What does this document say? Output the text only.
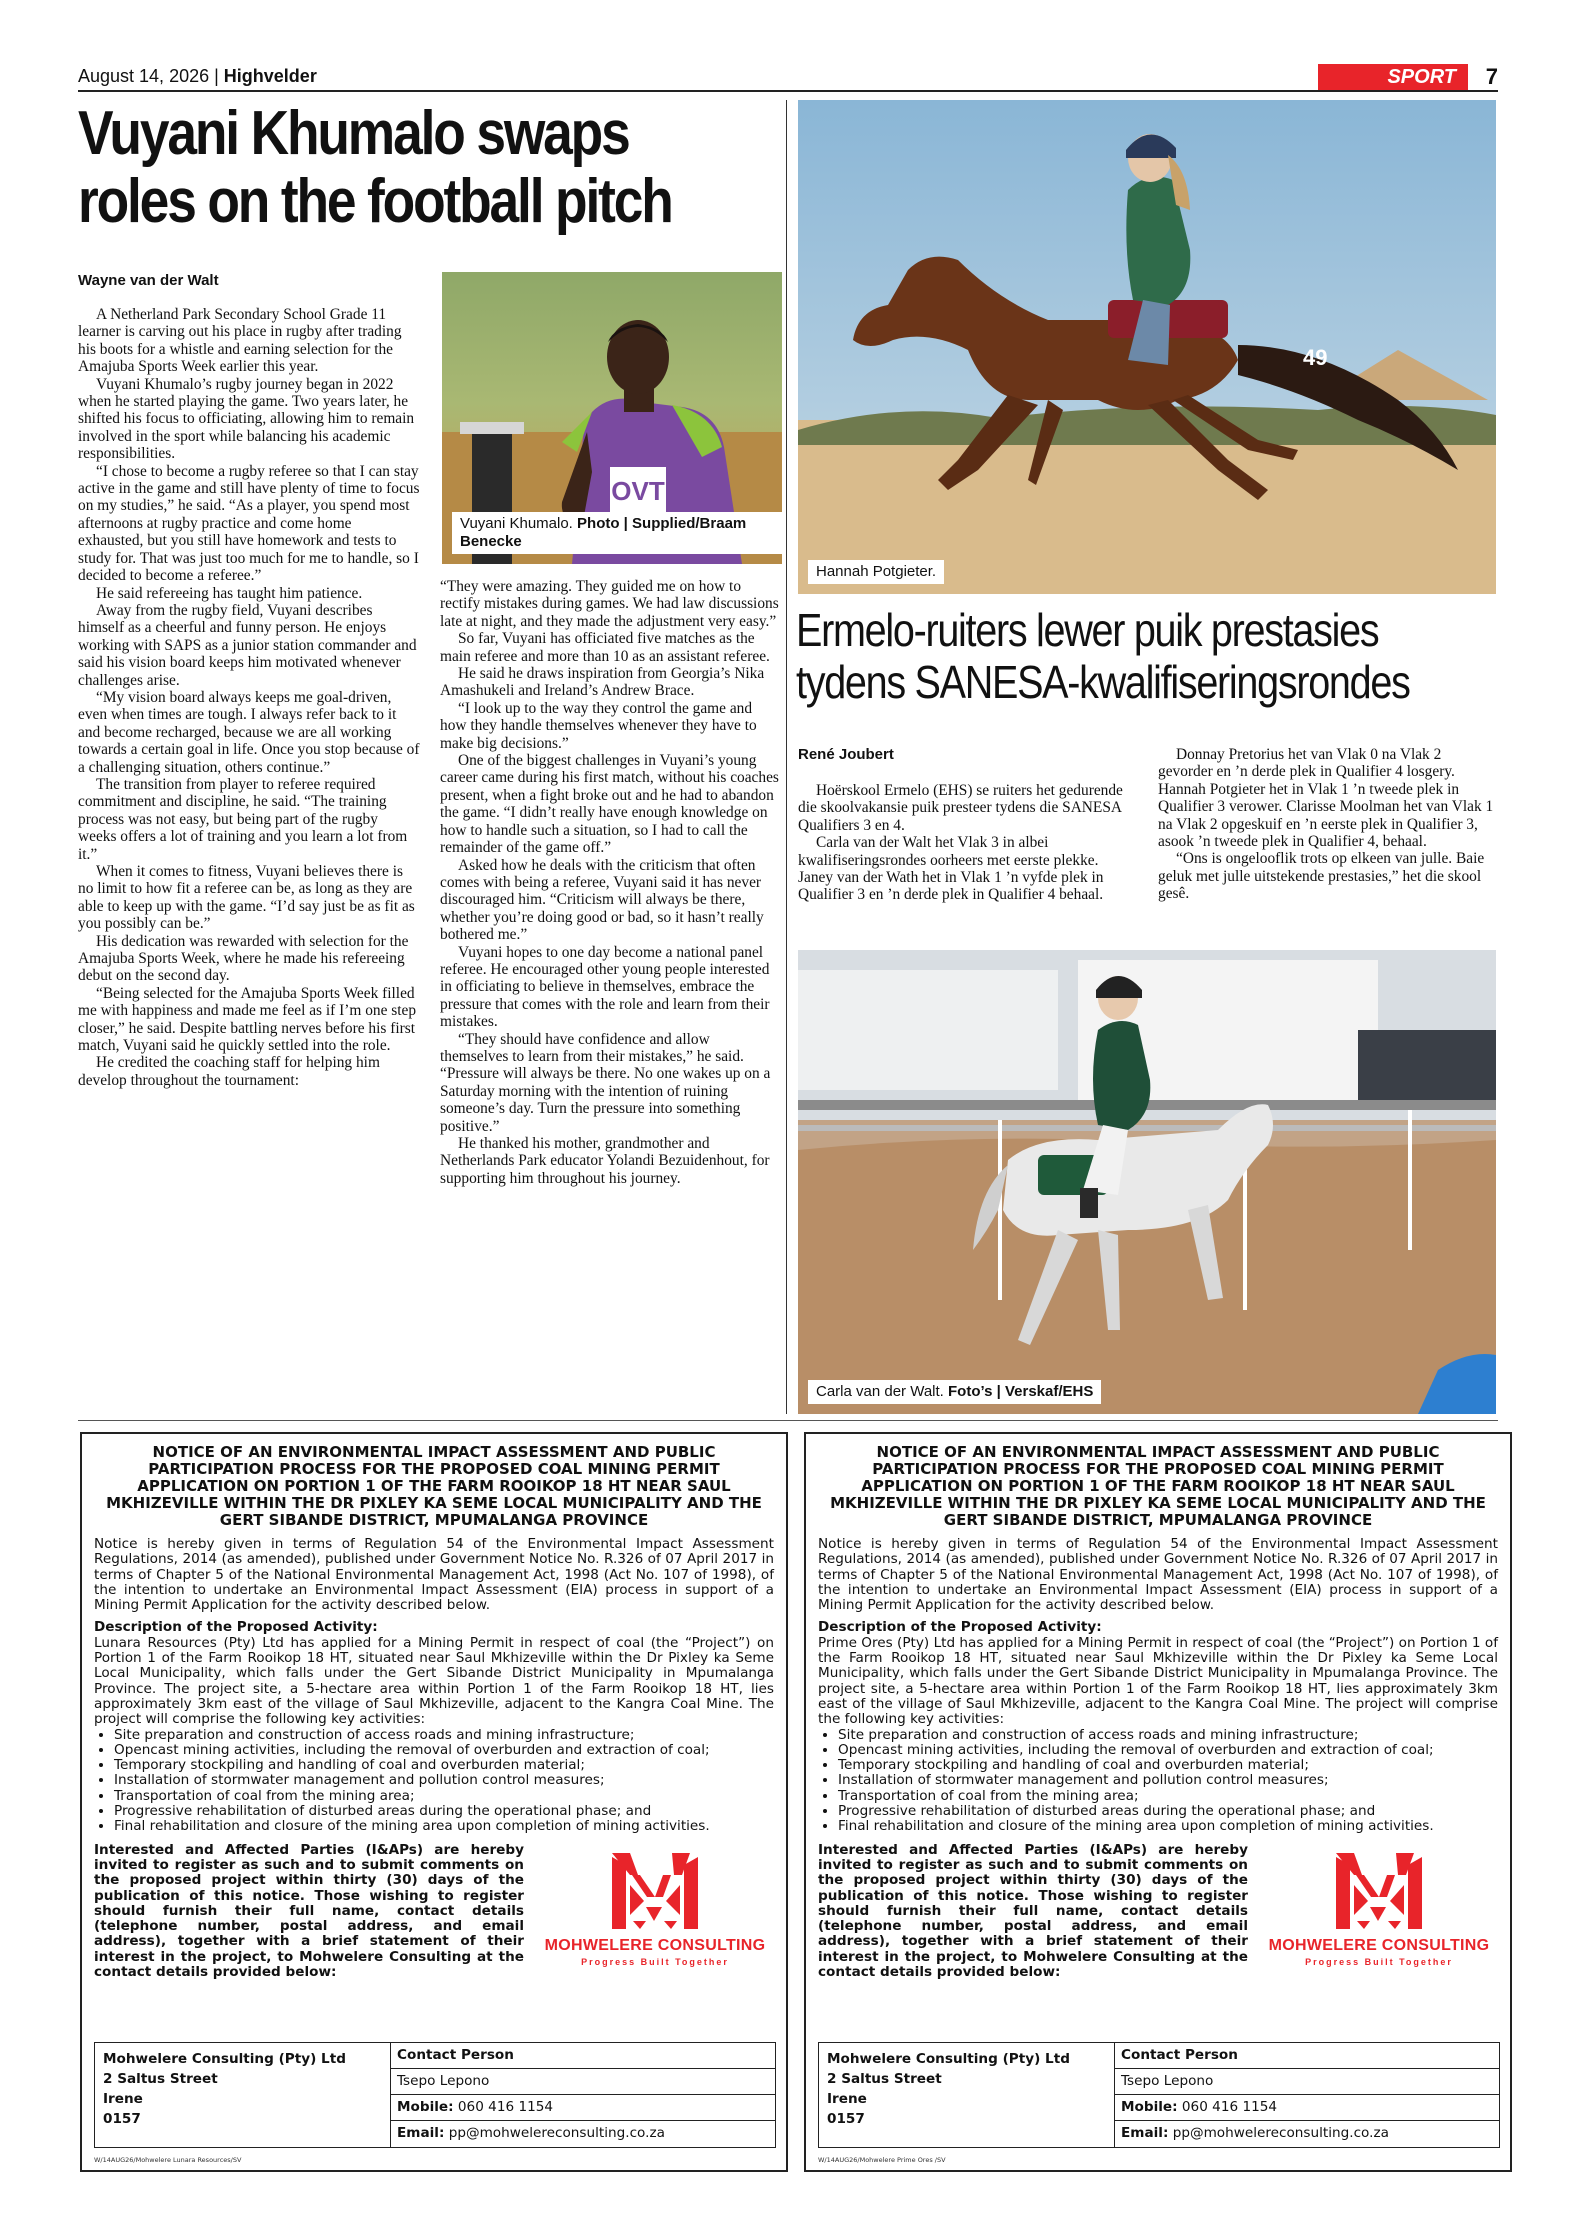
August 14, 2026 | Highvelder	SPORT	7
Vuyani Khumalo swaps
roles on the football pitch
Wayne van der Walt
OVT
Vuyani Khumalo. Photo | Supplied/Braam Benecke

A Netherland Park Secondary School Grade 11 learner is carving out his place in rugby after trading his boots for a whistle and earning selection for the Amajuba Sports Week earlier this year.

Vuyani Khumalo’s rugby journey began in 2022 when he started playing the game. Two years later, he shifted his focus to officiating, allowing him to remain involved in the sport while balancing his academic responsibilities.

“I chose to become a rugby referee so that I can stay active in the game and still have plenty of time to focus on my studies,” he said. “As a player, you spend most afternoons at rugby practice and come home exhausted, but you still have homework and tests to study for. That was just too much for me to handle, so I decided to become a referee.”

He said refereeing has taught him patience.

Away from the rugby field, Vuyani describes himself as a cheerful and funny person. He enjoys working with SAPS as a junior station commander and said his vision board keeps him motivated whenever challenges arise.

“My vision board always keeps me goal-driven, even when times are tough. I always refer back to it and become recharged, because we are all working towards a certain goal in life. Once you stop because of a challenging situation, others continue.”

The transition from player to referee required commitment and discipline, he said. “The training process was not easy, but being part of the rugby weeks offers a lot of training and you learn a lot from it.”

When it comes to fitness, Vuyani believes there is no limit to how fit a referee can be, as long as they are able to keep up with the game. “I’d say just be as fit as you possibly can be.”

His dedication was rewarded with selection for the Amajuba Sports Week, where he made his refereeing debut on the second day.

“Being selected for the Amajuba Sports Week filled me with happiness and made me feel as if I’m one step closer,” he said. Despite battling nerves before his first match, Vuyani said he quickly settled into the role.

He credited the coaching staff for helping him develop throughout the tournament:

“They were amazing. They guided me on how to rectify mistakes during games. We had law discussions late at night, and they made the adjustment very easy.”

So far, Vuyani has officiated five matches as the main referee and more than 10 as an assistant referee.

He said he draws inspiration from Georgia’s Nika Amashukeli and Ireland’s Andrew Brace.

“I look up to the way they control the game and how they handle themselves whenever they have to make big decisions.”

One of the biggest challenges in Vuyani’s young career came during his first match, without his coaches present, when a fight broke out and he had to abandon the game. “I didn’t really have enough knowledge on how to handle such a situation, so I had to call the remainder of the game off.”

Asked how he deals with the criticism that often comes with being a referee, Vuyani said it has never discouraged him. “Criticism will always be there, whether you’re doing good or bad, so it hasn’t really bothered me.”

Vuyani hopes to one day become a national panel referee. He encouraged other young people interested in officiating to believe in themselves, embrace the pressure that comes with the role and learn from their mistakes.

“They should have confidence and allow themselves to learn from their mistakes,” he said. “Pressure will always be there. No one wakes up on a Saturday morning with the intention of ruining someone’s day. Turn the pressure into something positive.”

He thanked his mother, grandmother and Netherlands Park educator Yolandi Bezuidenhout, for supporting him throughout his journey.

49
Hannah Potgieter.
Ermelo-ruiters lewer puik prestasies
tydens SANESA-kwalifiseringsrondes
René Joubert

Hoërskool Ermelo (EHS) se ruiters het gedurende die skoolvakansie puik presteer tydens die SANESA Qualifiers 3 en 4.

Carla van der Walt het Vlak 3 in albei kwalifiseringsrondes oorheers met eerste plekke. Janey van der Wath het in Vlak 1 ’n vyfde plek in Qualifier 3 en ’n derde plek in Qualifier 4 behaal.

Donnay Pretorius het van Vlak 0 na Vlak 2 gevorder en ’n derde plek in Qualifier 4 losgery. Hannah Potgieter het in Vlak 1 ’n tweede plek in Qualifier 3 verower. Clarisse Moolman het van Vlak 1 na Vlak 2 opgeskuif en ’n eerste plek in Qualifier 3, asook ’n tweede plek in Qualifier 4, behaal.

“Ons is ongelooflik trots op elkeen van julle. Baie geluk met julle uitstekende prestasies,” het die skool gesê.

Carla van der Walt. Foto’s | Verskaf/EHS
NOTICE OF AN ENVIRONMENTAL IMPACT ASSESSMENT AND PUBLIC PARTICIPATION PROCESS FOR THE PROPOSED COAL MINING PERMIT APPLICATION ON PORTION 1 OF THE FARM ROOIKOP 18 HT NEAR SAUL MKHIZEVILLE WITHIN THE DR PIXLEY KA SEME LOCAL MUNICIPALITY AND THE GERT SIBANDE DISTRICT, MPUMALANGA PROVINCE

Notice is hereby given in terms of Regulation 54 of the Environmental Impact Assessment Regulations, 2014 (as amended), published under Government Notice No. R.326 of 07 April 2017 in terms of Chapter 5 of the National Environmental Management Act, 1998 (Act No. 107 of 1998), of the intention to undertake an Environmental Impact Assessment (EIA) process in support of a Mining Permit Application for the activity described below.

Description of the Proposed Activity:

Lunara Resources (Pty) Ltd has applied for a Mining Permit in respect of coal (the “Project”) on Portion 1 of the Farm Rooikop 18 HT, situated near Saul Mkhizeville within the Dr Pixley ka Seme Local Municipality, which falls under the Gert Sibande District Municipality in Mpumalanga Province. The project site, a 5-hectare area within Portion 1 of the Farm Rooikop 18 HT, lies approximately 3km east of the village of Saul Mkhizeville, adjacent to the Kangra Coal Mine. The project will comprise the following key activities:

• Site preparation and construction of access roads and mining infrastructure;
• Opencast mining activities, including the removal of overburden and extraction of coal;
• Temporary stockpiling and handling of coal and overburden material;
• Installation of stormwater management and pollution control measures;
• Transportation of coal from the mining area;
• Progressive rehabilitation of disturbed areas during the operational phase; and
• Final rehabilitation and closure of the mining area upon completion of mining activities.
Interested and Affected Parties (I&APs) are hereby invited to register as such and to submit comments on the proposed project within thirty (30) days of the publication of this notice. Those wishing to register should furnish their full name, contact details (telephone number, postal address, and email address), together with a brief statement of their interest in the project, to Mohwelere Consulting at the contact details provided below:
MOHWELERE CONSULTING
Progress Built Together
Mohwelere Consulting (Pty) Ltd
2 Saltus Street
Irene
0157
Contact Person
Tsepo Lepono
Mobile: 060 416 1154
Email: pp@mohwelereconsulting.co.za
W/14AUG26/Mohwelere Lunara Resources/SV
NOTICE OF AN ENVIRONMENTAL IMPACT ASSESSMENT AND PUBLIC PARTICIPATION PROCESS FOR THE PROPOSED COAL MINING PERMIT APPLICATION ON PORTION 1 OF THE FARM ROOIKOP 18 HT NEAR SAUL MKHIZEVILLE WITHIN THE DR PIXLEY KA SEME LOCAL MUNICIPALITY AND THE GERT SIBANDE DISTRICT, MPUMALANGA PROVINCE

Notice is hereby given in terms of Regulation 54 of the Environmental Impact Assessment Regulations, 2014 (as amended), published under Government Notice No. R.326 of 07 April 2017 in terms of Chapter 5 of the National Environmental Management Act, 1998 (Act No. 107 of 1998), of the intention to undertake an Environmental Impact Assessment (EIA) process in support of a Mining Permit Application for the activity described below.

Description of the Proposed Activity:

Prime Ores (Pty) Ltd has applied for a Mining Permit in respect of coal (the “Project”) on Portion 1 of the Farm Rooikop 18 HT, situated near Saul Mkhizeville within the Dr Pixley ka Seme Local Municipality, which falls under the Gert Sibande District Municipality in Mpumalanga Province. The project site, a 5-hectare area within Portion 1 of the Farm Rooikop 18 HT, lies approximately 3km east of the village of Saul Mkhizeville, adjacent to the Kangra Coal Mine. The project will comprise the following key activities:

• Site preparation and construction of access roads and mining infrastructure;
• Opencast mining activities, including the removal of overburden and extraction of coal;
• Temporary stockpiling and handling of coal and overburden material;
• Installation of stormwater management and pollution control measures;
• Transportation of coal from the mining area;
• Progressive rehabilitation of disturbed areas during the operational phase; and
• Final rehabilitation and closure of the mining area upon completion of mining activities.
Interested and Affected Parties (I&APs) are hereby invited to register as such and to submit comments on the proposed project within thirty (30) days of the publication of this notice. Those wishing to register should furnish their full name, contact details (telephone number, postal address, and email address), together with a brief statement of their interest in the project, to Mohwelere Consulting at the contact details provided below:
MOHWELERE CONSULTING
Progress Built Together
Mohwelere Consulting (Pty) Ltd
2 Saltus Street
Irene
0157
Contact Person
Tsepo Lepono
Mobile: 060 416 1154
Email: pp@mohwelereconsulting.co.za
W/14AUG26/Mohwelere Prime Ores /SV
